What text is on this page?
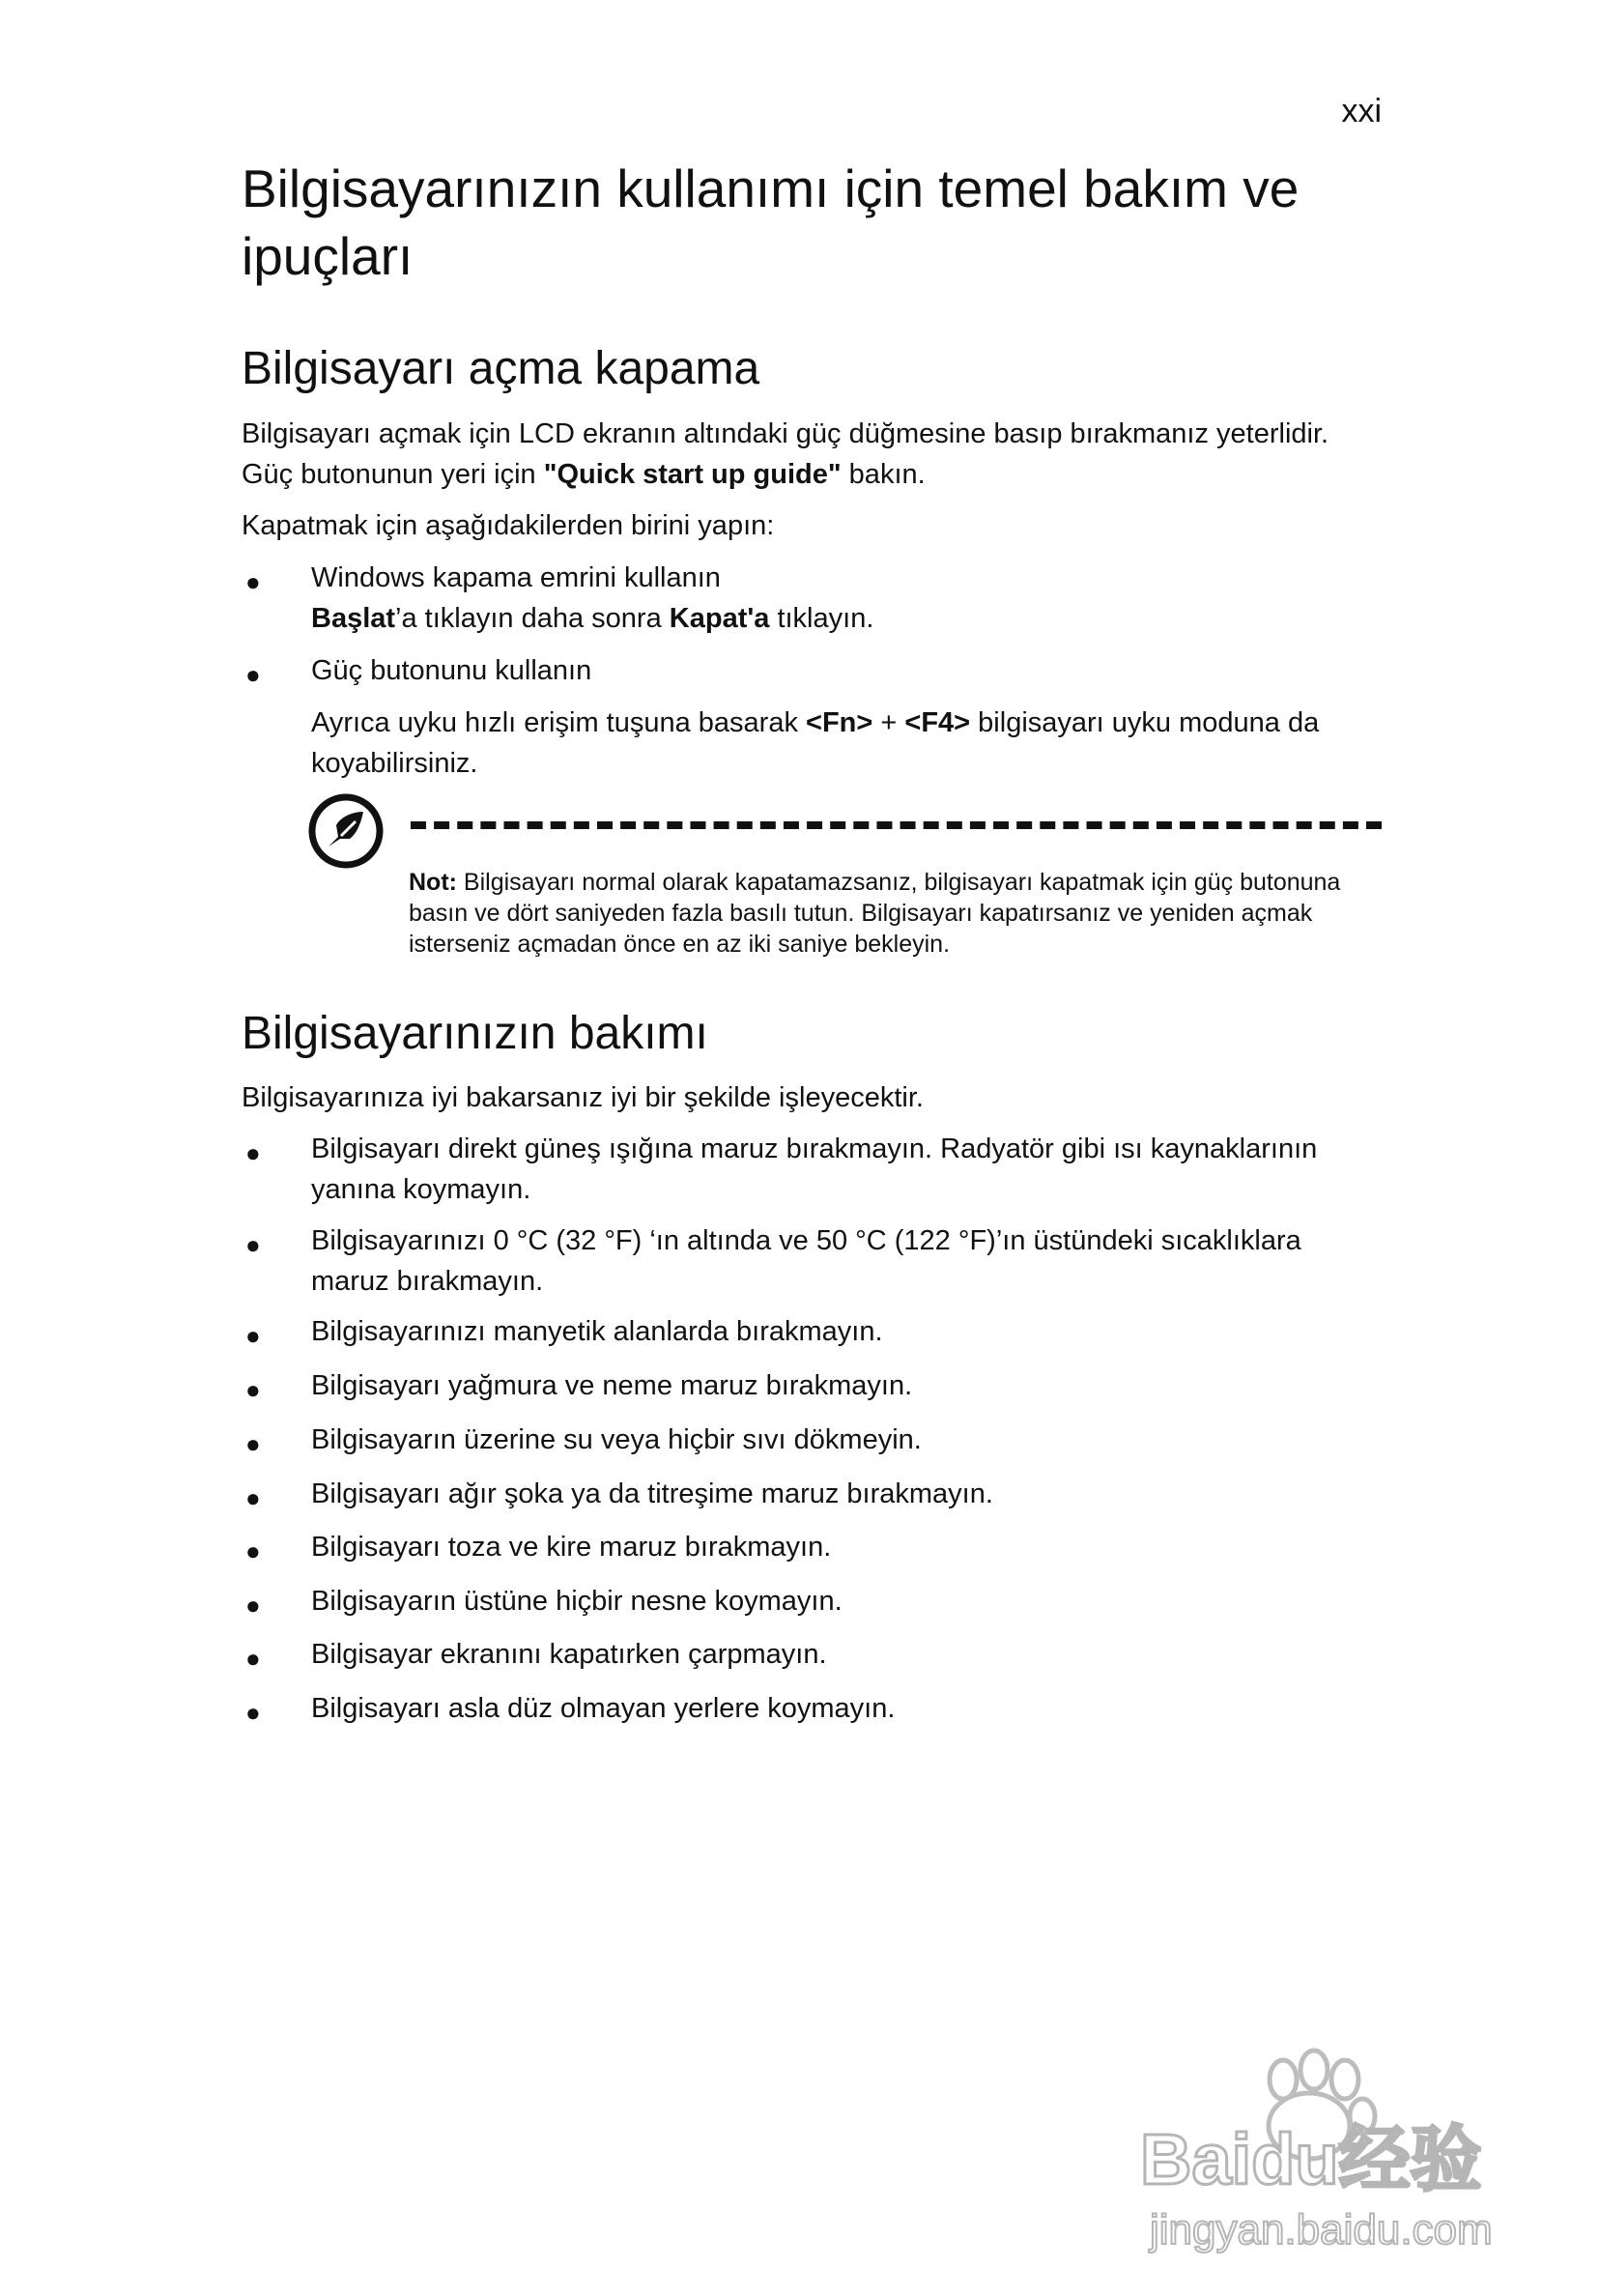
xxi
Bilgisayarınızın kullanımı için temel bakım ve ipuçları
Bilgisayarı açma kapama

Bilgisayarı açmak için LCD ekranın altındaki güç düğmesine basıp bırakmanız yeterlidir. Güç butonunun yeri için "Quick start up guide" bakın.

Kapatmak için aşağıdakilerden birini yapın:

● Windows kapama emrini kullanın
Başlat’a tıklayın daha sonra Kapat'a tıklayın.
● Güç butonunu kullanın

Ayrıca uyku hızlı erişim tuşuna basarak <Fn> + <F4> bilgisayarı uyku moduna da koyabilirsiniz.

Not: Bilgisayarı normal olarak kapatamazsanız, bilgisayarı kapatmak için güç butonuna basın ve dört saniyeden fazla basılı tutun. Bilgisayarı kapatırsanız ve yeniden açmak isterseniz açmadan önce en az iki saniye bekleyin.
Bilgisayarınızın bakımı

Bilgisayarınıza iyi bakarsanız iyi bir şekilde işleyecektir.

● Bilgisayarı direkt güneş ışığına maruz bırakmayın. Radyatör gibi ısı kaynaklarının yanına koymayın.
● Bilgisayarınızı 0 °C (32 °F) ‘ın altında ve 50 °C (122 °F)’ın üstündeki sıcaklıklara maruz bırakmayın.
● Bilgisayarınızı manyetik alanlarda bırakmayın.
● Bilgisayarı yağmura ve neme maruz bırakmayın.
● Bilgisayarın üzerine su veya hiçbir sıvı dökmeyin.
● Bilgisayarı ağır şoka ya da titreşime maruz bırakmayın.
● Bilgisayarı toza ve kire maruz bırakmayın.
● Bilgisayarın üstüne hiçbir nesne koymayın.
● Bilgisayar ekranını kapatırken çarpmayın.
● Bilgisayarı asla düz olmayan yerlere koymayın.
Baidu经验
jingyan.baidu.com
